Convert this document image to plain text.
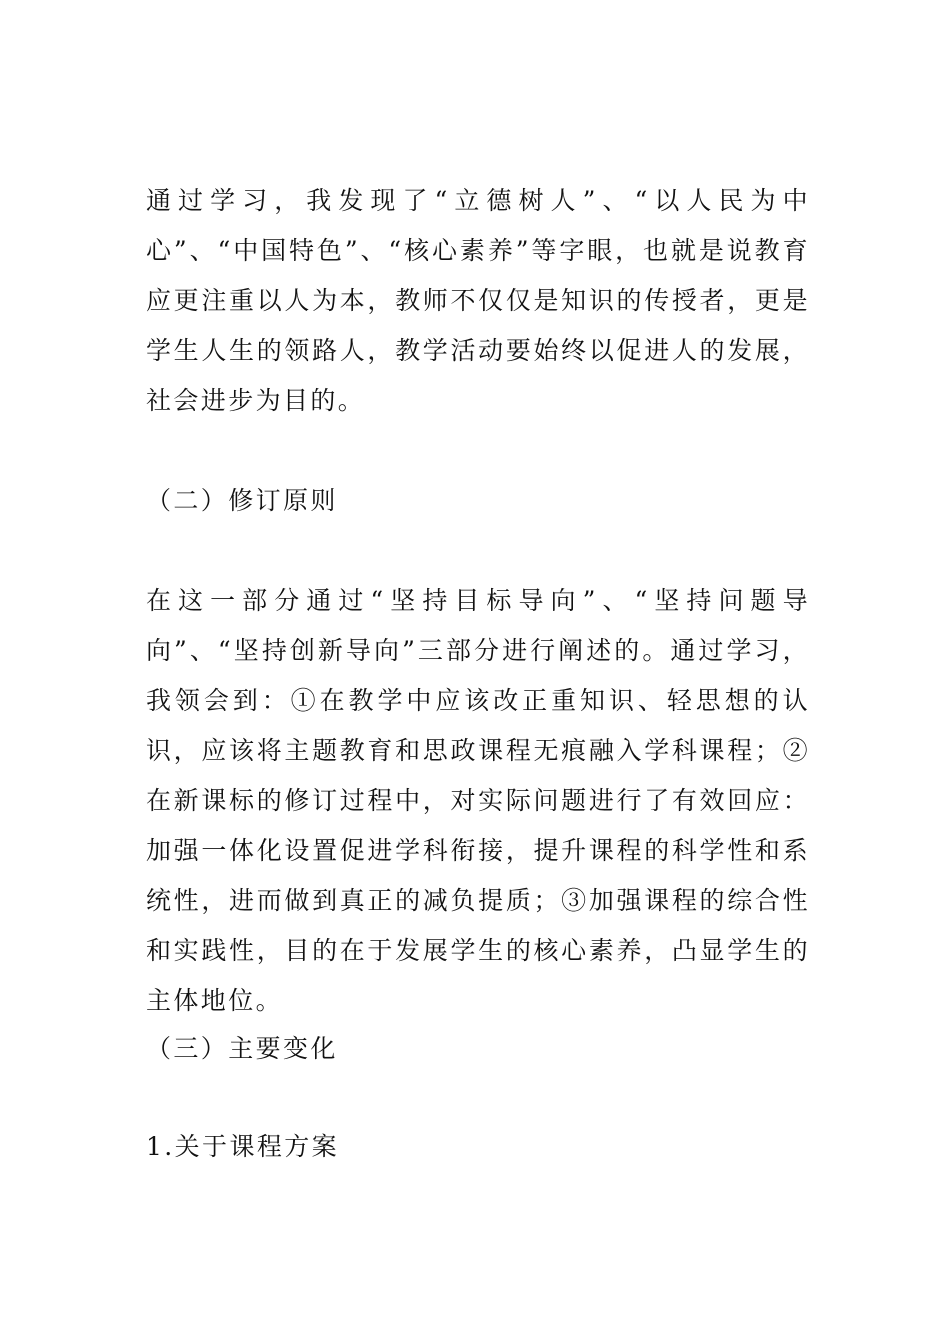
通过学习，我发现了“立德树人”、“以人民为中心”、“中国特色”、“核心素养”等字眼，也就是说教育应更注重以人为本，教师不仅仅是知识的传授者，更是学生人生的领路人，教学活动要始终以促进人的发展，社会进步为目的。

（二）修订原则

在这一部分通过“坚持目标导向”、“坚持问题导向”、“坚持创新导向”三部分进行阐述的。通过学习，我领会到：①在教学中应该改正重知识、轻思想的认识，应该将主题教育和思政课程无痕融入学科课程；②在新课标的修订过程中，对实际问题进行了有效回应：加强一体化设置促进学科衔接，提升课程的科学性和系统性，进而做到真正的减负提质；③加强课程的综合性和实践性，目的在于发展学生的核心素养，凸显学生的主体地位。

（三）主要变化
1.关于课程方案
